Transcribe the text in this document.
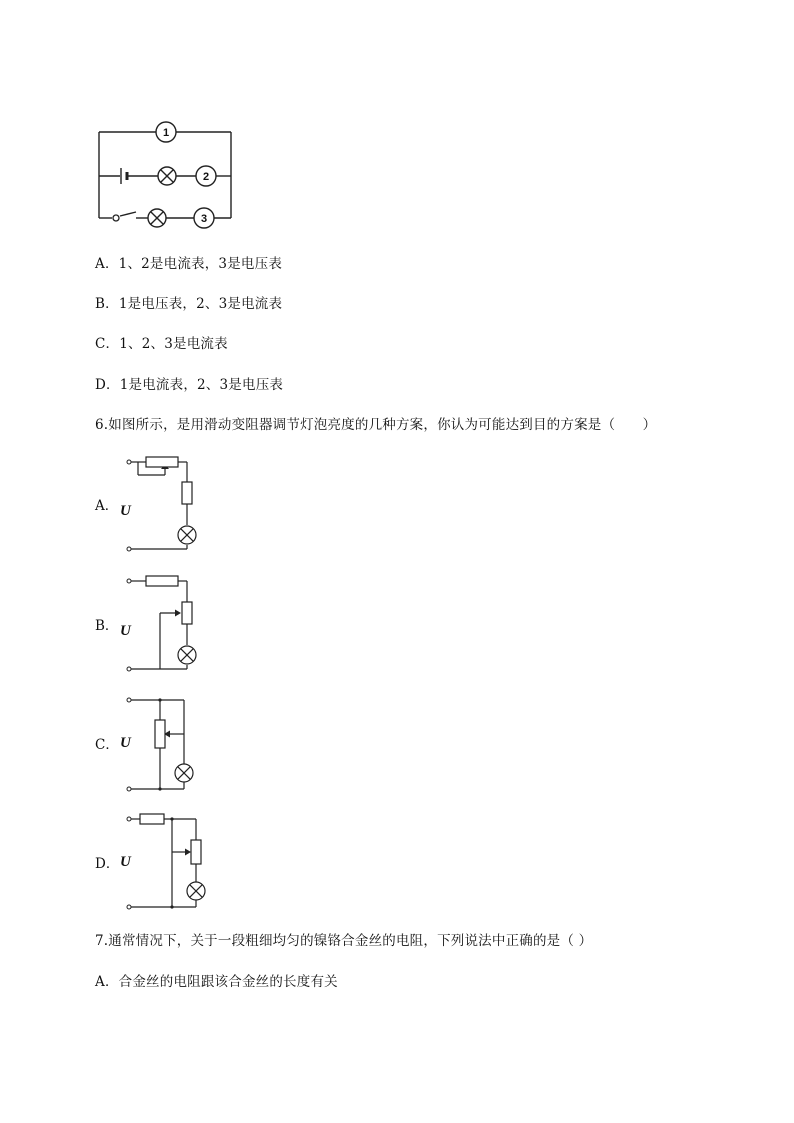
1
2
3
A．1、2是电流表，3是电压表
B．1是电压表，2、3是电流表
C．1、2、3是电流表
D．1是电流表，2、3是电压表
6.如图所示，是用滑动变阻器调节灯泡亮度的几种方案，你认为可能达到目的方案是（　　）
A． U
B． U
C． U
D． U
7.通常情况下，关于一段粗细均匀的镍铬合金丝的电阻，下列说法中正确的是（ ）
A．合金丝的电阻跟该合金丝的长度有关
